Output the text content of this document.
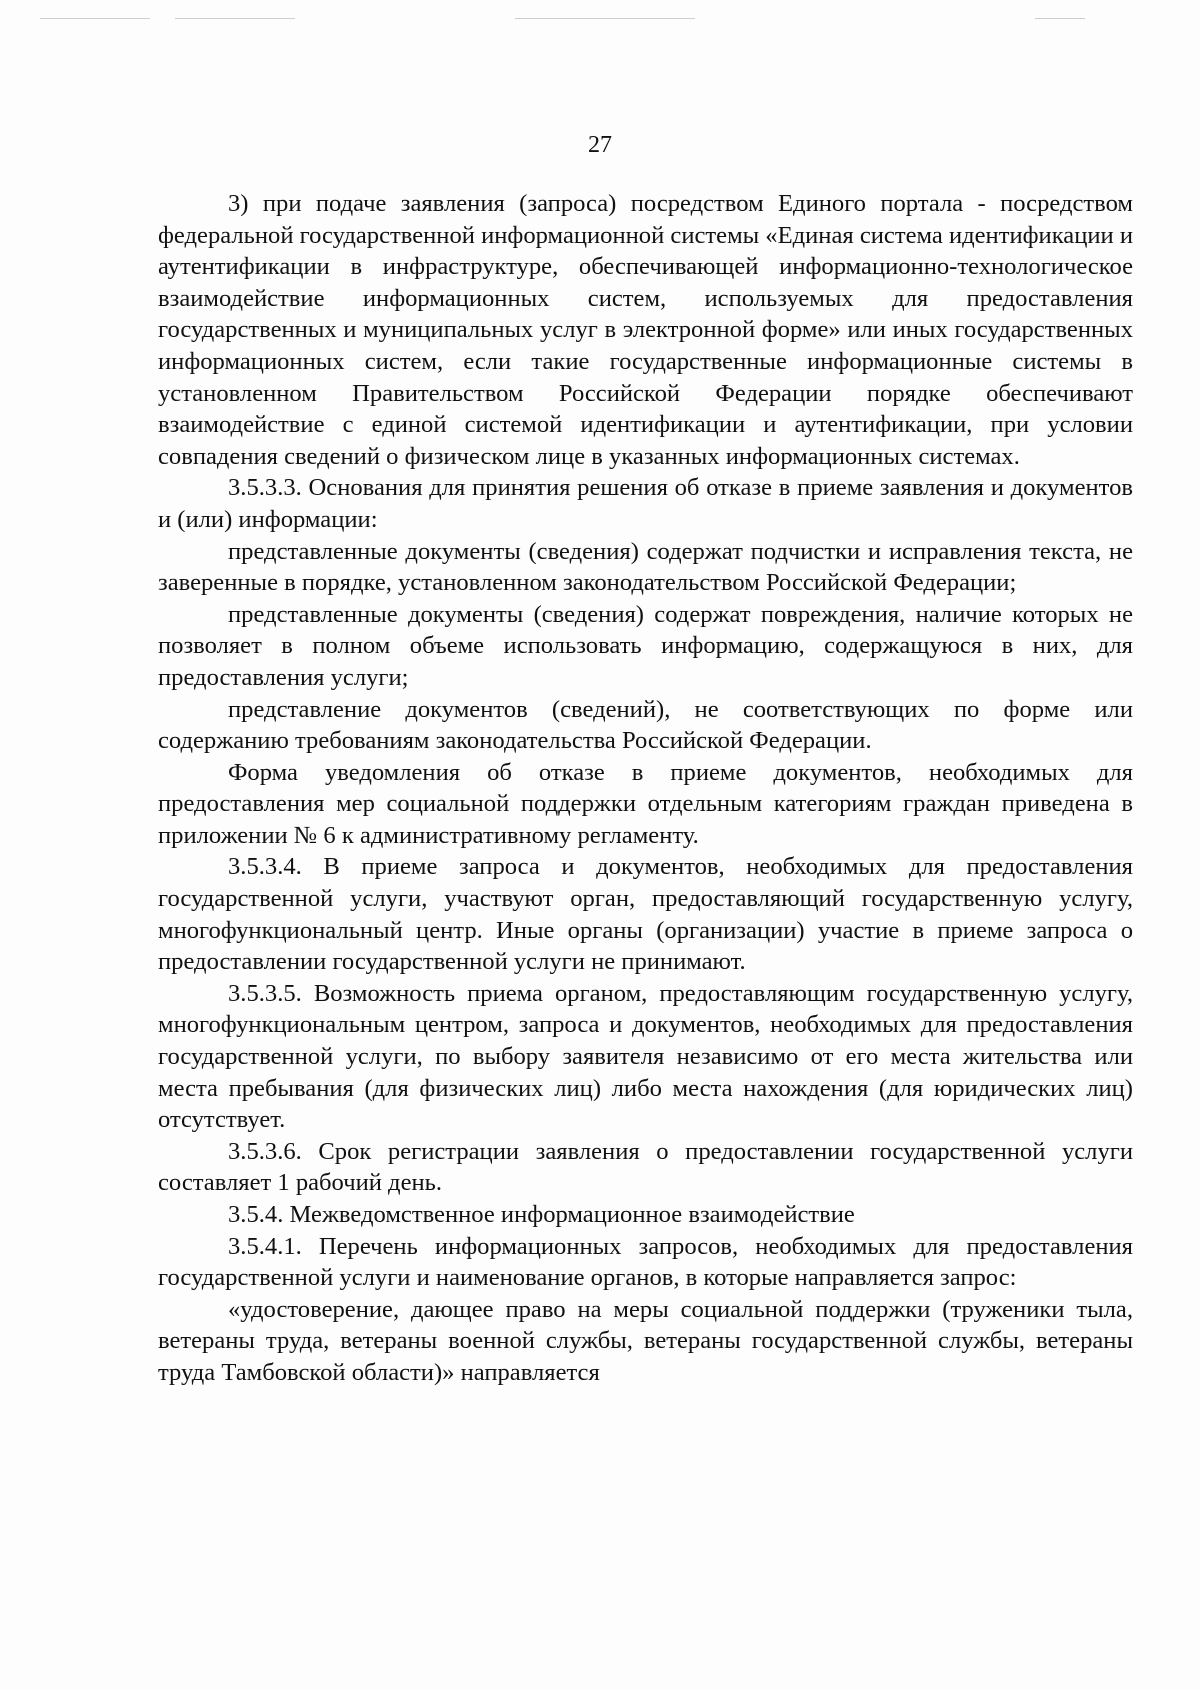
27

3) при подаче заявления (запроса) посредством Единого портала - посредством федеральной государственной информационной системы «Единая система идентификации и аутентификации в инфраструктуре, обеспечивающей информационно-технологическое взаимодействие информационных систем, используемых для предоставления государственных и муниципальных услуг в электронной форме» или иных государственных информационных систем, если такие государственные информационные системы в установленном Правительством Российской Федерации порядке обеспечивают взаимодействие с единой системой идентификации и аутентификации, при условии совпадения сведений о физическом лице в указанных информационных системах.

3.5.3.3. Основания для принятия решения об отказе в приеме заявления и документов и (или) информации:

представленные документы (сведения) содержат подчистки и исправления текста, не заверенные в порядке, установленном законодательством Российской Федерации;

представленные документы (сведения) содержат повреждения, наличие которых не позволяет в полном объеме использовать информацию, содержащуюся в них, для предоставления услуги;

представление документов (сведений), не соответствующих по форме или содержанию требованиям законодательства Российской Федерации.

Форма уведомления об отказе в приеме документов, необходимых для предоставления мер социальной поддержки отдельным категориям граждан приведена в приложении № 6 к административному регламенту.

3.5.3.4. В приеме запроса и документов, необходимых для предоставления государственной услуги, участвуют орган, предоставляющий государственную услугу, многофункциональный центр. Иные органы (организации) участие в приеме запроса о предоставлении государственной услуги не принимают.

3.5.3.5. Возможность приема органом, предоставляющим государственную услугу, многофункциональным центром, запроса и документов, необходимых для предоставления государственной услуги, по выбору заявителя независимо от его места жительства или места пребывания (для физических лиц) либо места нахождения (для юридических лиц) отсутствует.

3.5.3.6. Срок регистрации заявления о предоставлении государственной услуги составляет 1 рабочий день.

3.5.4. Межведомственное информационное взаимодействие

3.5.4.1. Перечень информационных запросов, необходимых для предоставления государственной услуги и наименование органов, в которые направляется запрос:

«удостоверение, дающее право на меры социальной поддержки (труженики тыла, ветераны труда, ветераны военной службы, ветераны государственной службы, ветераны труда Тамбовской области)» направляется
